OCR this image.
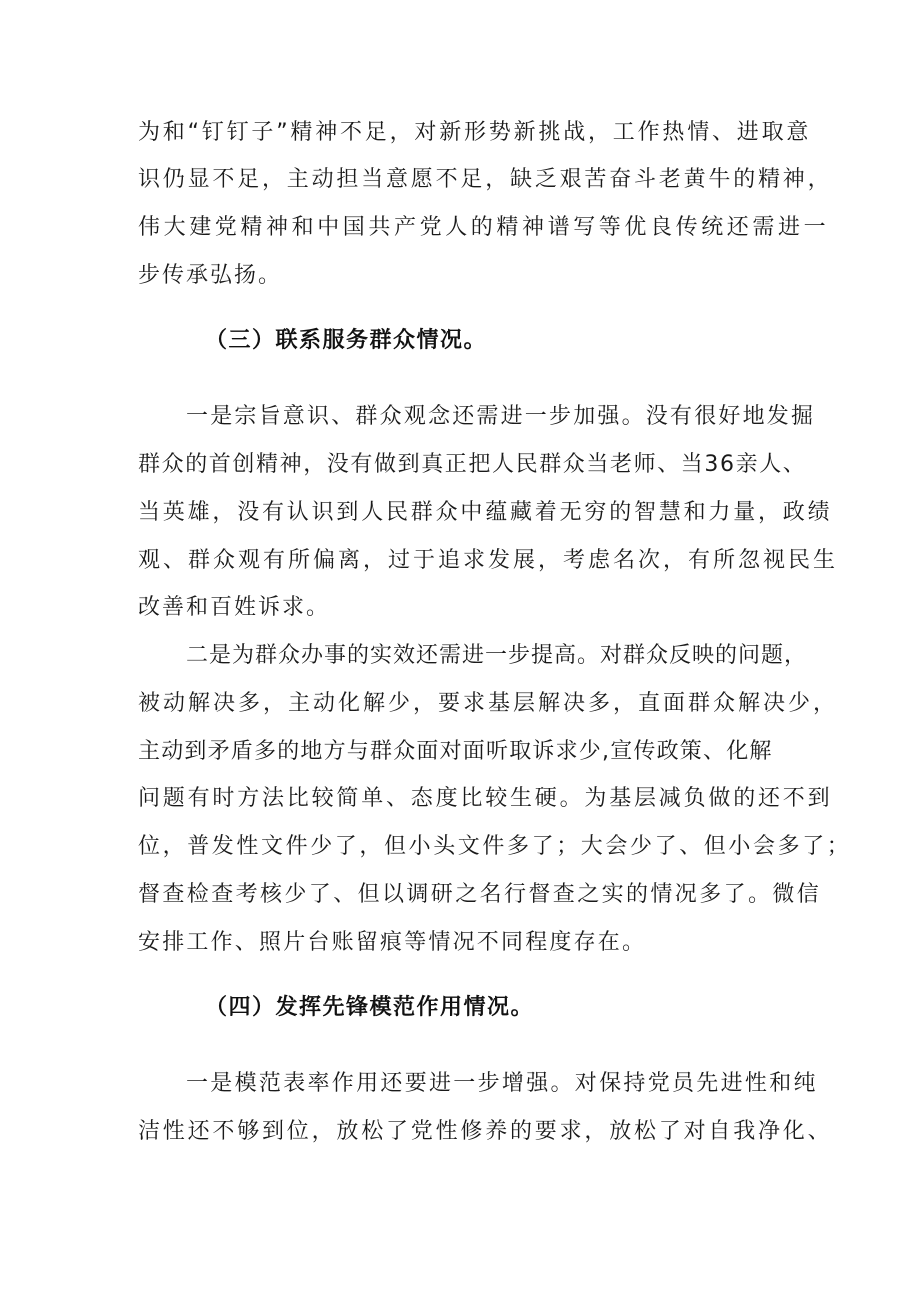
为和“钉钉子”精神不足，对新形势新挑战，工作热情、进取意

识仍显不足，主动担当意愿不足，缺乏艰苦奋斗老黄牛的精神，

伟大建党精神和中国共产党人的精神谱写等优良传统还需进一

步传承弘扬。

（三）联系服务群众情况。

一是宗旨意识、群众观念还需进一步加强。没有很好地发掘

群众的首创精神，没有做到真正把人民群众当老师、当36亲人、

当英雄，没有认识到人民群众中蕴藏着无穷的智慧和力量，政绩

观、群众观有所偏离，过于追求发展，考虑名次，有所忽视民生

改善和百姓诉求。

二是为群众办事的实效还需进一步提高。对群众反映的问题，

被动解决多，主动化解少，要求基层解决多，直面群众解决少，

主动到矛盾多的地方与群众面对面听取诉求少,宣传政策、化解

问题有时方法比较简单、态度比较生硬。为基层减负做的还不到

位，普发性文件少了，但小头文件多了；大会少了、但小会多了；

督查检查考核少了、但以调研之名行督查之实的情况多了。微信

安排工作、照片台账留痕等情况不同程度存在。

（四）发挥先锋模范作用情况。

一是模范表率作用还要进一步增强。对保持党员先进性和纯

洁性还不够到位，放松了党性修养的要求，放松了对自我净化、
